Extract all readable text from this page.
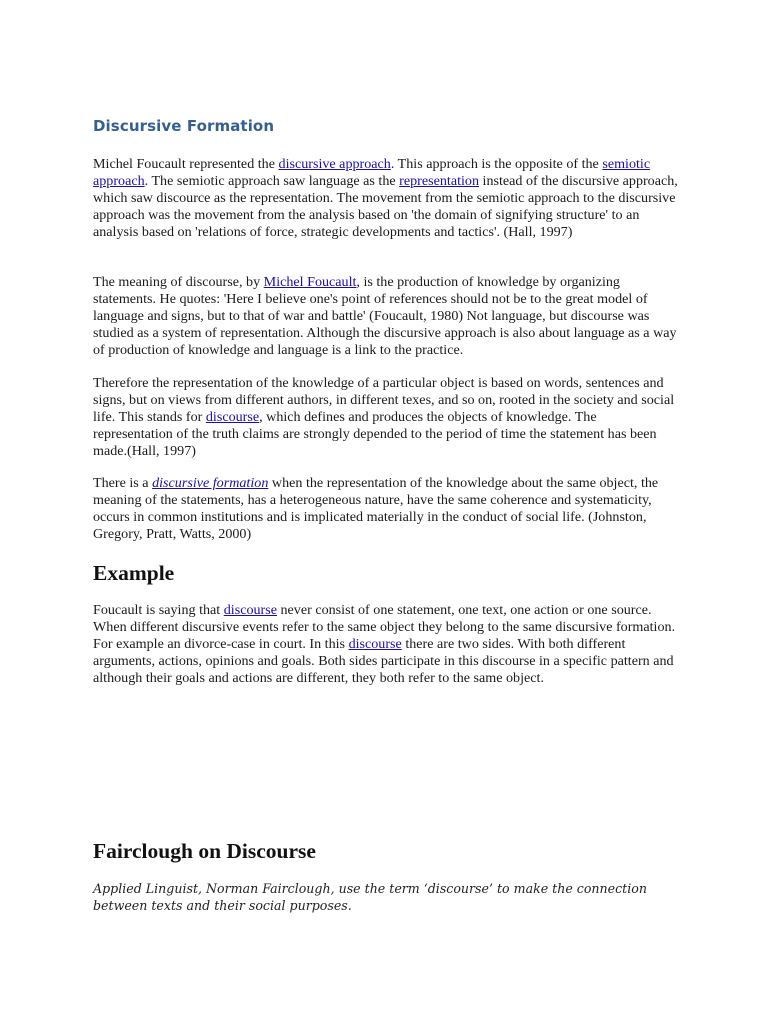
Discursive Formation

Michel Foucault represented the discursive approach. This approach is the opposite of the semiotic approach. The semiotic approach saw language as the representation instead of the discursive approach, which saw discource as the representation. The movement from the semiotic approach to the discursive approach was the movement from the analysis based on 'the domain of signifying structure' to an analysis based on 'relations of force, strategic developments and tactics'. (Hall, 1997)

The meaning of discourse, by Michel Foucault, is the production of knowledge by organizing statements. He quotes: 'Here I believe one's point of references should not be to the great model of language and signs, but to that of war and battle' (Foucault, 1980) Not language, but discourse was studied as a system of representation. Although the discursive approach is also about language as a way of production of knowledge and language is a link to the practice.

Therefore the representation of the knowledge of a particular object is based on words, sentences and signs, but on views from different authors, in different texes, and so on, rooted in the society and social life. This stands for discourse, which defines and produces the objects of knowledge. The representation of the truth claims are strongly depended to the period of time the statement has been made.(Hall, 1997)

There is a discursive formation when the representation of the knowledge about the same object, the meaning of the statements, has a heterogeneous nature, have the same coherence and systematicity, occurs in common institutions and is implicated materially in the conduct of social life. (Johnston, Gregory, Pratt, Watts, 2000)

Example

Foucault is saying that discourse never consist of one statement, one text, one action or one source. When different discursive events refer to the same object they belong to the same discursive formation. For example an divorce-case in court. In this discourse there are two sides. With both different arguments, actions, opinions and goals. Both sides participate in this discourse in a specific pattern and although their goals and actions are different, they both refer to the same object.

Fairclough on Discourse

Applied Linguist, Norman Fairclough, use the term ‘discourse’ to make the connection between texts and their social purposes.
